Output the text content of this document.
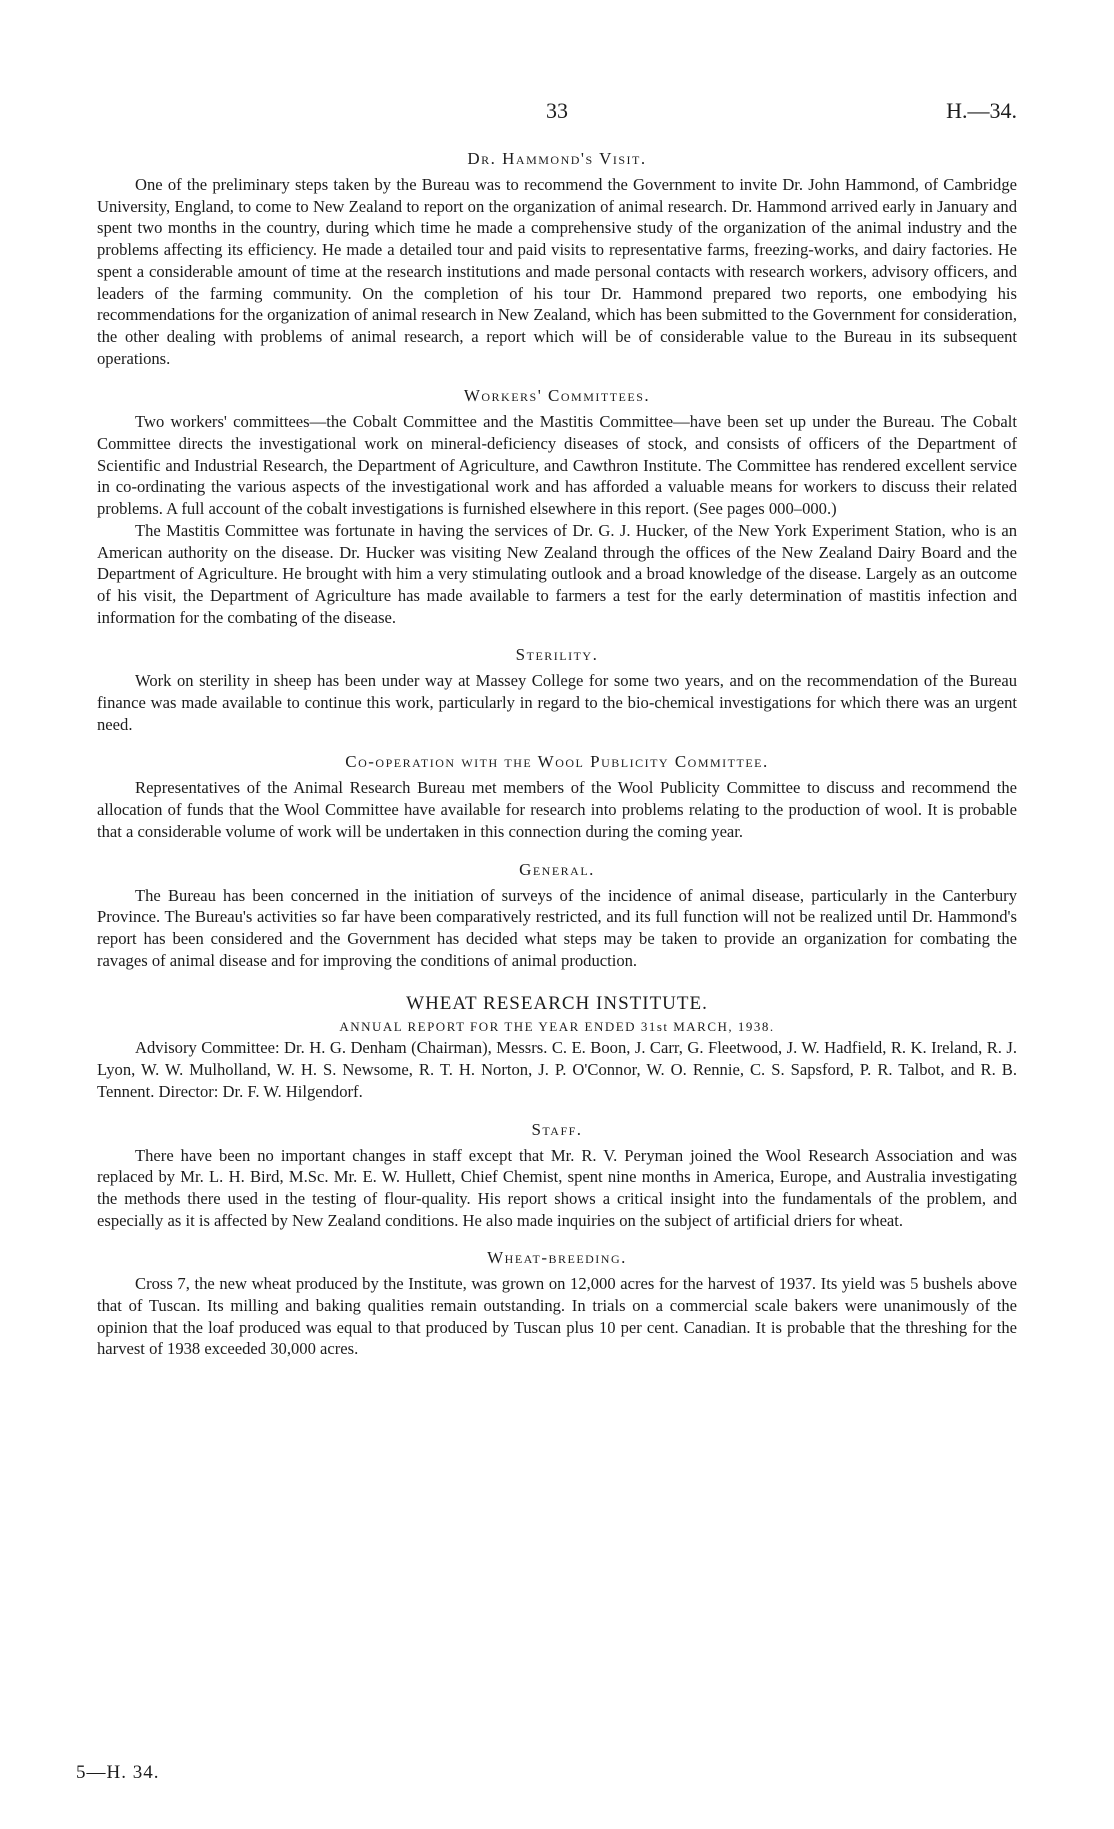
33	H.—34.
Dr. Hammond's Visit.

One of the preliminary steps taken by the Bureau was to recommend the Government to invite Dr. John Hammond, of Cambridge University, England, to come to New Zealand to report on the organization of animal research. Dr. Hammond arrived early in January and spent two months in the country, during which time he made a comprehensive study of the organization of the animal industry and the problems affecting its efficiency. He made a detailed tour and paid visits to representative farms, freezing-works, and dairy factories. He spent a considerable amount of time at the research institutions and made personal contacts with research workers, advisory officers, and leaders of the farming community. On the completion of his tour Dr. Hammond prepared two reports, one embodying his recommendations for the organization of animal research in New Zealand, which has been submitted to the Government for consideration, the other dealing with problems of animal research, a report which will be of considerable value to the Bureau in its subsequent operations.

Workers' Committees.

Two workers' committees—the Cobalt Committee and the Mastitis Committee—have been set up under the Bureau. The Cobalt Committee directs the investigational work on mineral-deficiency diseases of stock, and consists of officers of the Department of Scientific and Industrial Research, the Department of Agriculture, and Cawthron Institute. The Committee has rendered excellent service in co-ordinating the various aspects of the investigational work and has afforded a valuable means for workers to discuss their related problems. A full account of the cobalt investigations is furnished elsewhere in this report. (See pages 000–000.)

The Mastitis Committee was fortunate in having the services of Dr. G. J. Hucker, of the New York Experiment Station, who is an American authority on the disease. Dr. Hucker was visiting New Zealand through the offices of the New Zealand Dairy Board and the Department of Agriculture. He brought with him a very stimulating outlook and a broad knowledge of the disease. Largely as an outcome of his visit, the Department of Agriculture has made available to farmers a test for the early determination of mastitis infection and information for the combating of the disease.

Sterility.

Work on sterility in sheep has been under way at Massey College for some two years, and on the recommendation of the Bureau finance was made available to continue this work, particularly in regard to the bio-chemical investigations for which there was an urgent need.

Co-operation with the Wool Publicity Committee.

Representatives of the Animal Research Bureau met members of the Wool Publicity Committee to discuss and recommend the allocation of funds that the Wool Committee have available for research into problems relating to the production of wool. It is probable that a considerable volume of work will be undertaken in this connection during the coming year.

General.

The Bureau has been concerned in the initiation of surveys of the incidence of animal disease, particularly in the Canterbury Province. The Bureau's activities so far have been comparatively restricted, and its full function will not be realized until Dr. Hammond's report has been considered and the Government has decided what steps may be taken to provide an organization for combating the ravages of animal disease and for improving the conditions of animal production.

WHEAT RESEARCH INSTITUTE.
ANNUAL REPORT FOR THE YEAR ENDED 31st MARCH, 1938.

Advisory Committee: Dr. H. G. Denham (Chairman), Messrs. C. E. Boon, J. Carr, G. Fleetwood, J. W. Hadfield, R. K. Ireland, R. J. Lyon, W. W. Mulholland, W. H. S. Newsome, R. T. H. Norton, J. P. O'Connor, W. O. Rennie, C. S. Sapsford, P. R. Talbot, and R. B. Tennent. Director: Dr. F. W. Hilgendorf.

Staff.

There have been no important changes in staff except that Mr. R. V. Peryman joined the Wool Research Association and was replaced by Mr. L. H. Bird, M.Sc. Mr. E. W. Hullett, Chief Chemist, spent nine months in America, Europe, and Australia investigating the methods there used in the testing of flour-quality. His report shows a critical insight into the fundamentals of the problem, and especially as it is affected by New Zealand conditions. He also made inquiries on the subject of artificial driers for wheat.

Wheat-breeding.

Cross 7, the new wheat produced by the Institute, was grown on 12,000 acres for the harvest of 1937. Its yield was 5 bushels above that of Tuscan. Its milling and baking qualities remain outstanding. In trials on a commercial scale bakers were unanimously of the opinion that the loaf produced was equal to that produced by Tuscan plus 10 per cent. Canadian. It is probable that the threshing for the harvest of 1938 exceeded 30,000 acres.

5—H. 34.
